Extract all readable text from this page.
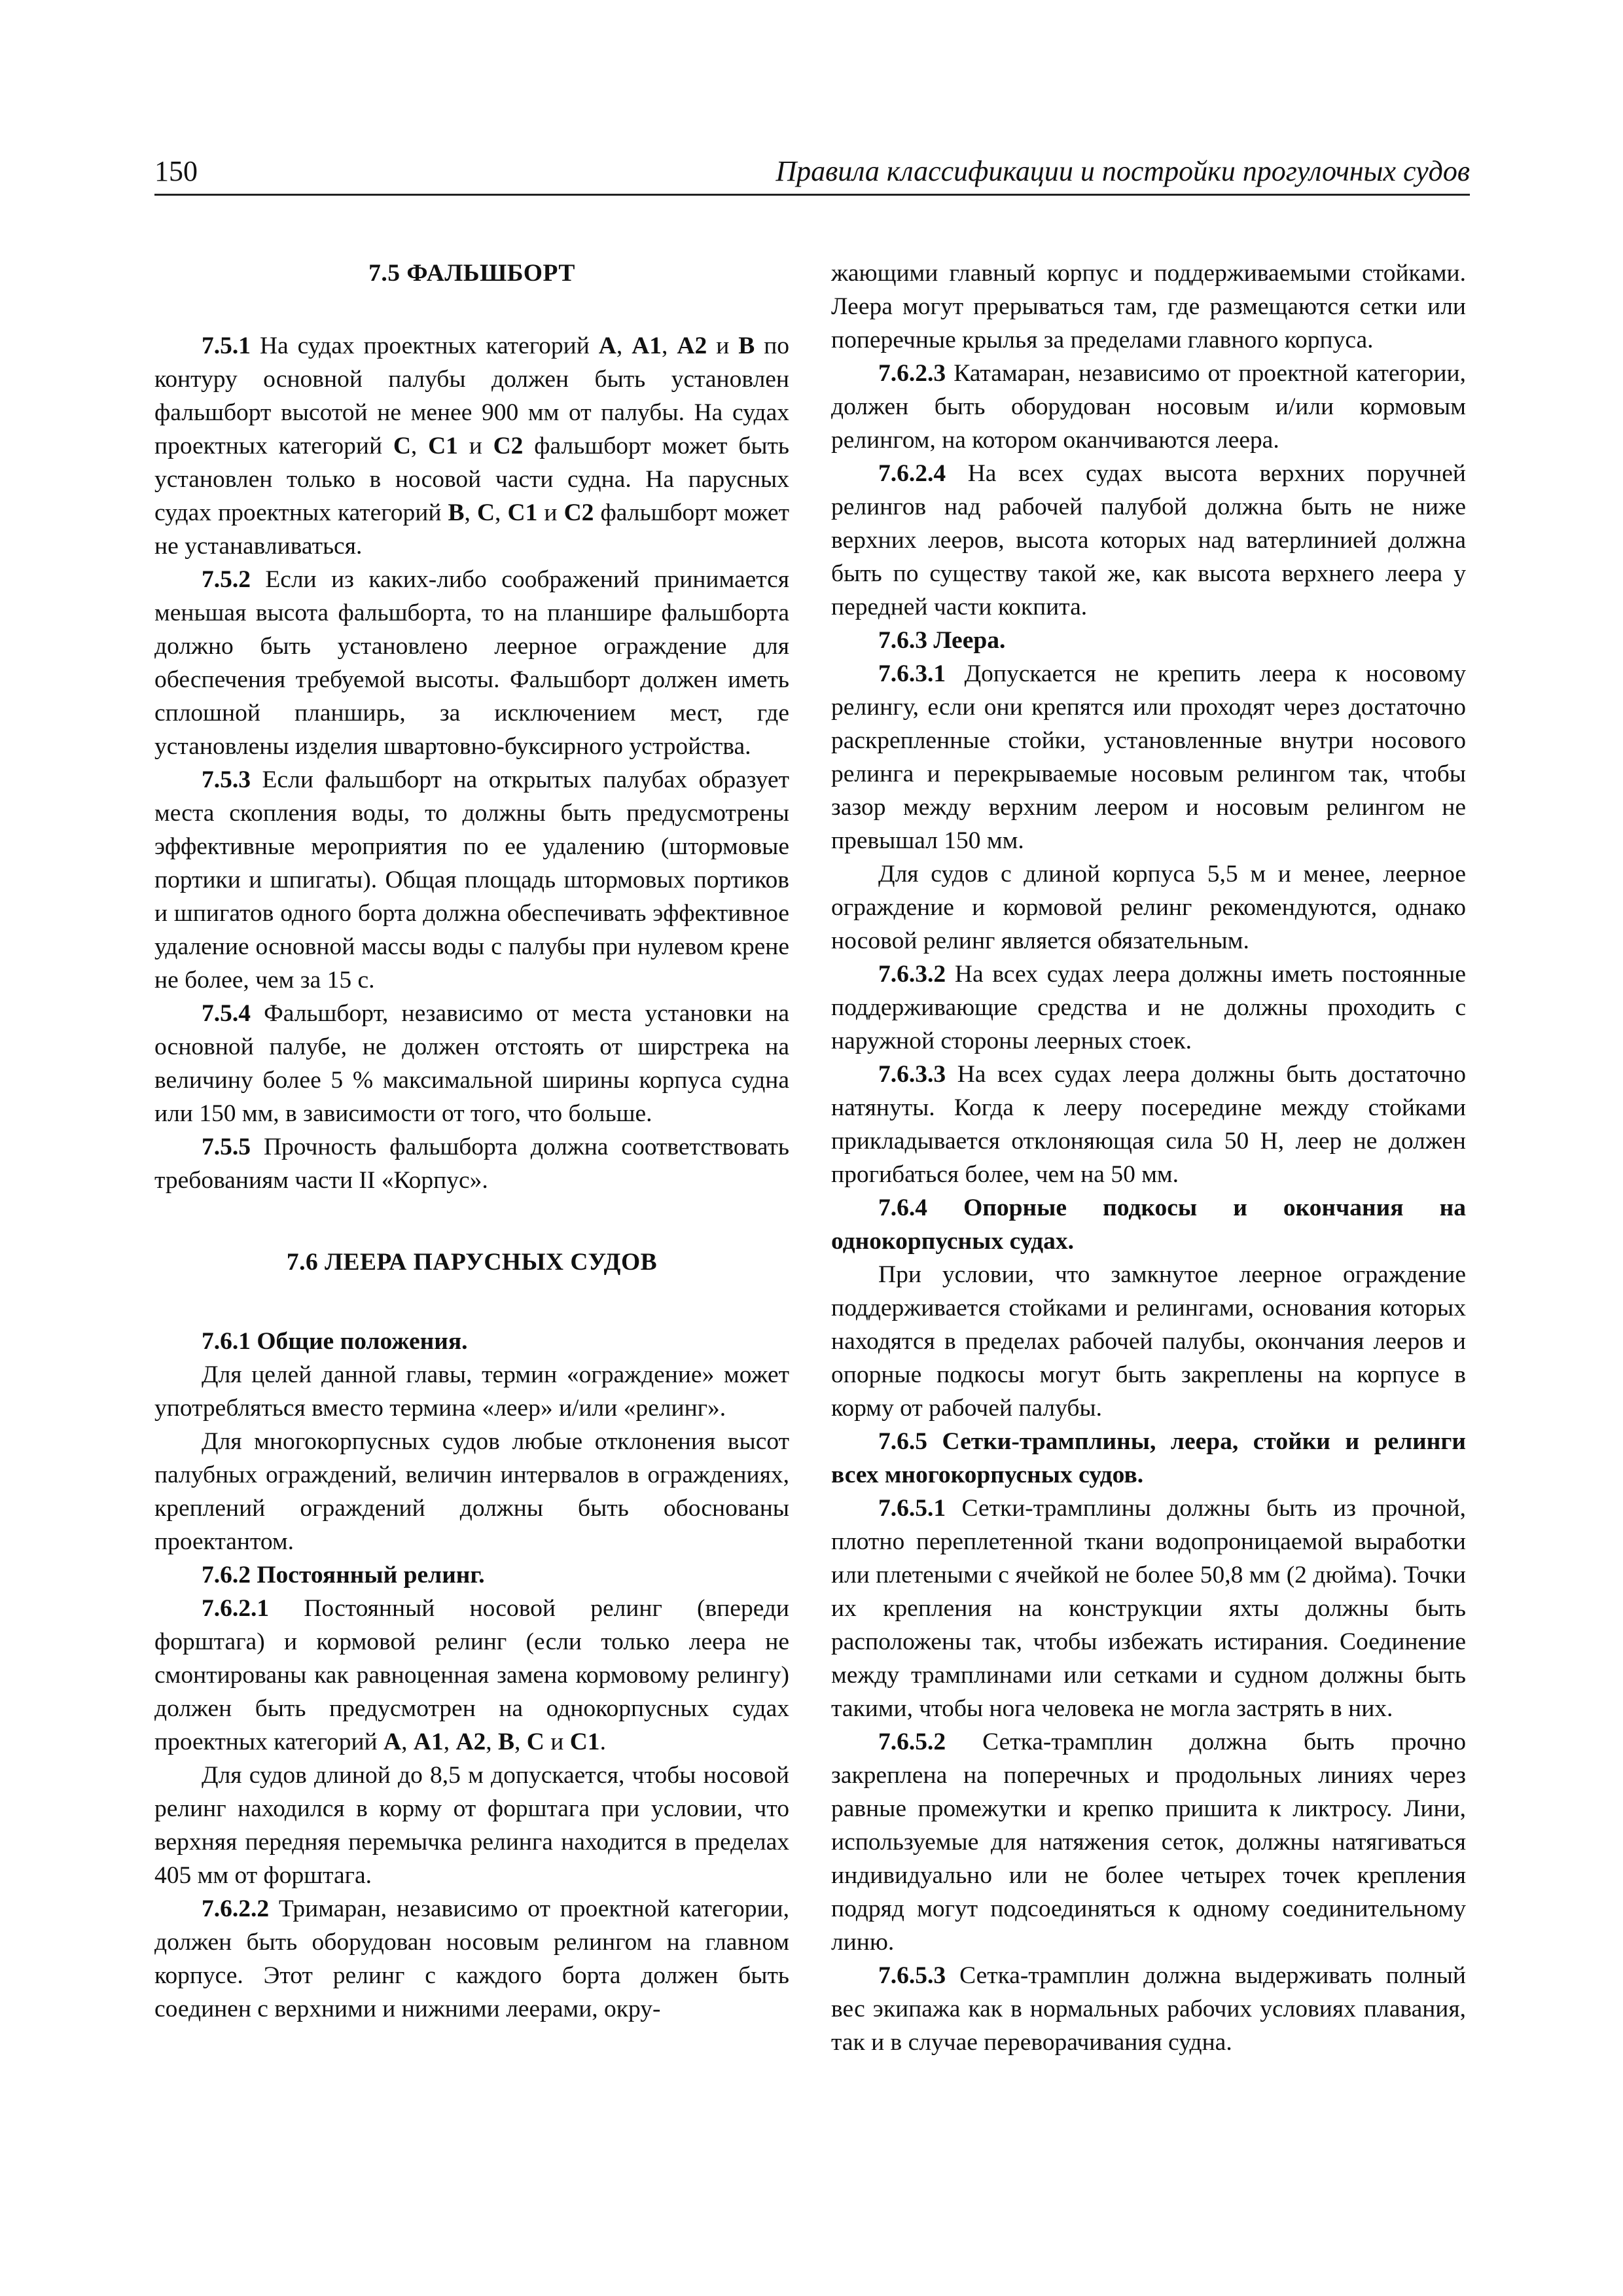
150	Правила классификации и постройки прогулочных судов
7.5 ФАЛЬШБОРТ

7.5.1 На судах проектных категорий A, A1, A2 и B по контуру основной палубы должен быть установлен фальшборт высотой не менее 900 мм от палубы. На судах проектных категорий C, C1 и C2 фальшборт может быть установлен только в носовой части судна. На парусных судах проектных категорий B, C, C1 и C2 фальшборт может не устанавливаться.

7.5.2 Если из каких-либо соображений принимается меньшая высота фальшборта, то на планшире фальшборта должно быть установлено леерное ограждение для обеспечения требуемой высоты. Фальшборт должен иметь сплошной планширь, за исключением мест, где установлены изделия швартовно-буксирного устройства.

7.5.3 Если фальшборт на открытых палубах образует места скопления воды, то должны быть предусмотрены эффективные мероприятия по ее удалению (штормовые портики и шпигаты). Общая площадь штормовых портиков и шпигатов одного борта должна обеспечивать эффективное удаление основной массы воды с палубы при нулевом крене не более, чем за 15 с.

7.5.4 Фальшборт, независимо от места установки на основной палубе, не должен отстоять от ширстрека на величину более 5 % максимальной ширины корпуса судна или 150 мм, в зависимости от того, что больше.

7.5.5 Прочность фальшборта должна соответствовать требованиям части II «Корпус».

7.6 ЛЕЕРА ПАРУСНЫХ СУДОВ
7.6.1 Общие положения.

Для целей данной главы, термин «ограждение» может употребляться вместо термина «леер» и/или «релинг».

Для многокорпусных судов любые отклонения высот палубных ограждений, величин интервалов в ограждениях, креплений ограждений должны быть обоснованы проектантом.

7.6.2 Постоянный релинг.

7.6.2.1 Постоянный носовой релинг (впереди форштага) и кормовой релинг (если только леера не смонтированы как равноценная замена кормовому релингу) должен быть предусмотрен на однокорпусных судах проектных категорий A, A1, A2, B, C и C1.

Для судов длиной до 8,5 м допускается, чтобы носовой релинг находился в корму от форштага при условии, что верхняя передняя перемычка релинга находится в пределах 405 мм от форштага.

7.6.2.2 Тримаран, независимо от проектной категории, должен быть оборудован носовым релингом на главном корпусе. Этот релинг с каждого борта должен быть соединен с верхними и нижними леерами, окру-

жающими главный корпус и поддерживаемыми стойками. Леера могут прерываться там, где размещаются сетки или поперечные крылья за пределами главного корпуса.

7.6.2.3 Катамаран, независимо от проектной категории, должен быть оборудован носовым и/или кормовым релингом, на котором оканчиваются леера.

7.6.2.4 На всех судах высота верхних поручней релингов над рабочей палубой должна быть не ниже верхних лееров, высота которых над ватерлинией должна быть по существу такой же, как высота верхнего леера у передней части кокпита.

7.6.3 Леера.

7.6.3.1 Допускается не крепить леера к носовому релингу, если они крепятся или проходят через достаточно раскрепленные стойки, установленные внутри носового релинга и перекрываемые носовым релингом так, чтобы зазор между верхним леером и носовым релингом не превышал 150 мм.

Для судов с длиной корпуса 5,5 м и менее, леерное ограждение и кормовой релинг рекомендуются, однако носовой релинг является обязательным.

7.6.3.2 На всех судах леера должны иметь постоянные поддерживающие средства и не должны проходить с наружной стороны леерных стоек.

7.6.3.3 На всех судах леера должны быть достаточно натянуты. Когда к лееру посередине между стойками прикладывается отклоняющая сила 50 Н, леер не должен прогибаться более, чем на 50 мм.

7.6.4 Опорные подкосы и окончания на однокорпусных судах.

При условии, что замкнутое леерное ограждение поддерживается стойками и релингами, основания которых находятся в пределах рабочей палубы, окончания лееров и опорные подкосы могут быть закреплены на корпусе в корму от рабочей палубы.

7.6.5 Сетки-трамплины, леера, стойки и релинги всех многокорпусных судов.

7.6.5.1 Сетки-трамплины должны быть из прочной, плотно переплетенной ткани водопроницаемой выработки или плетеными с ячейкой не более 50,8 мм (2 дюйма). Точки их крепления на конструкции яхты должны быть расположены так, чтобы избежать истирания. Соединение между трамплинами или сетками и судном должны быть такими, чтобы нога человека не могла застрять в них.

7.6.5.2 Сетка-трамплин должна быть прочно закреплена на поперечных и продольных линиях через равные промежутки и крепко пришита к ликтросу. Лини, используемые для натяжения сеток, должны натягиваться индивидуально или не более четырех точек крепления подряд могут подсоединяться к одному соединительному линю.

7.6.5.3 Сетка-трамплин должна выдерживать полный вес экипажа как в нормальных рабочих условиях плавания, так и в случае переворачивания судна.
